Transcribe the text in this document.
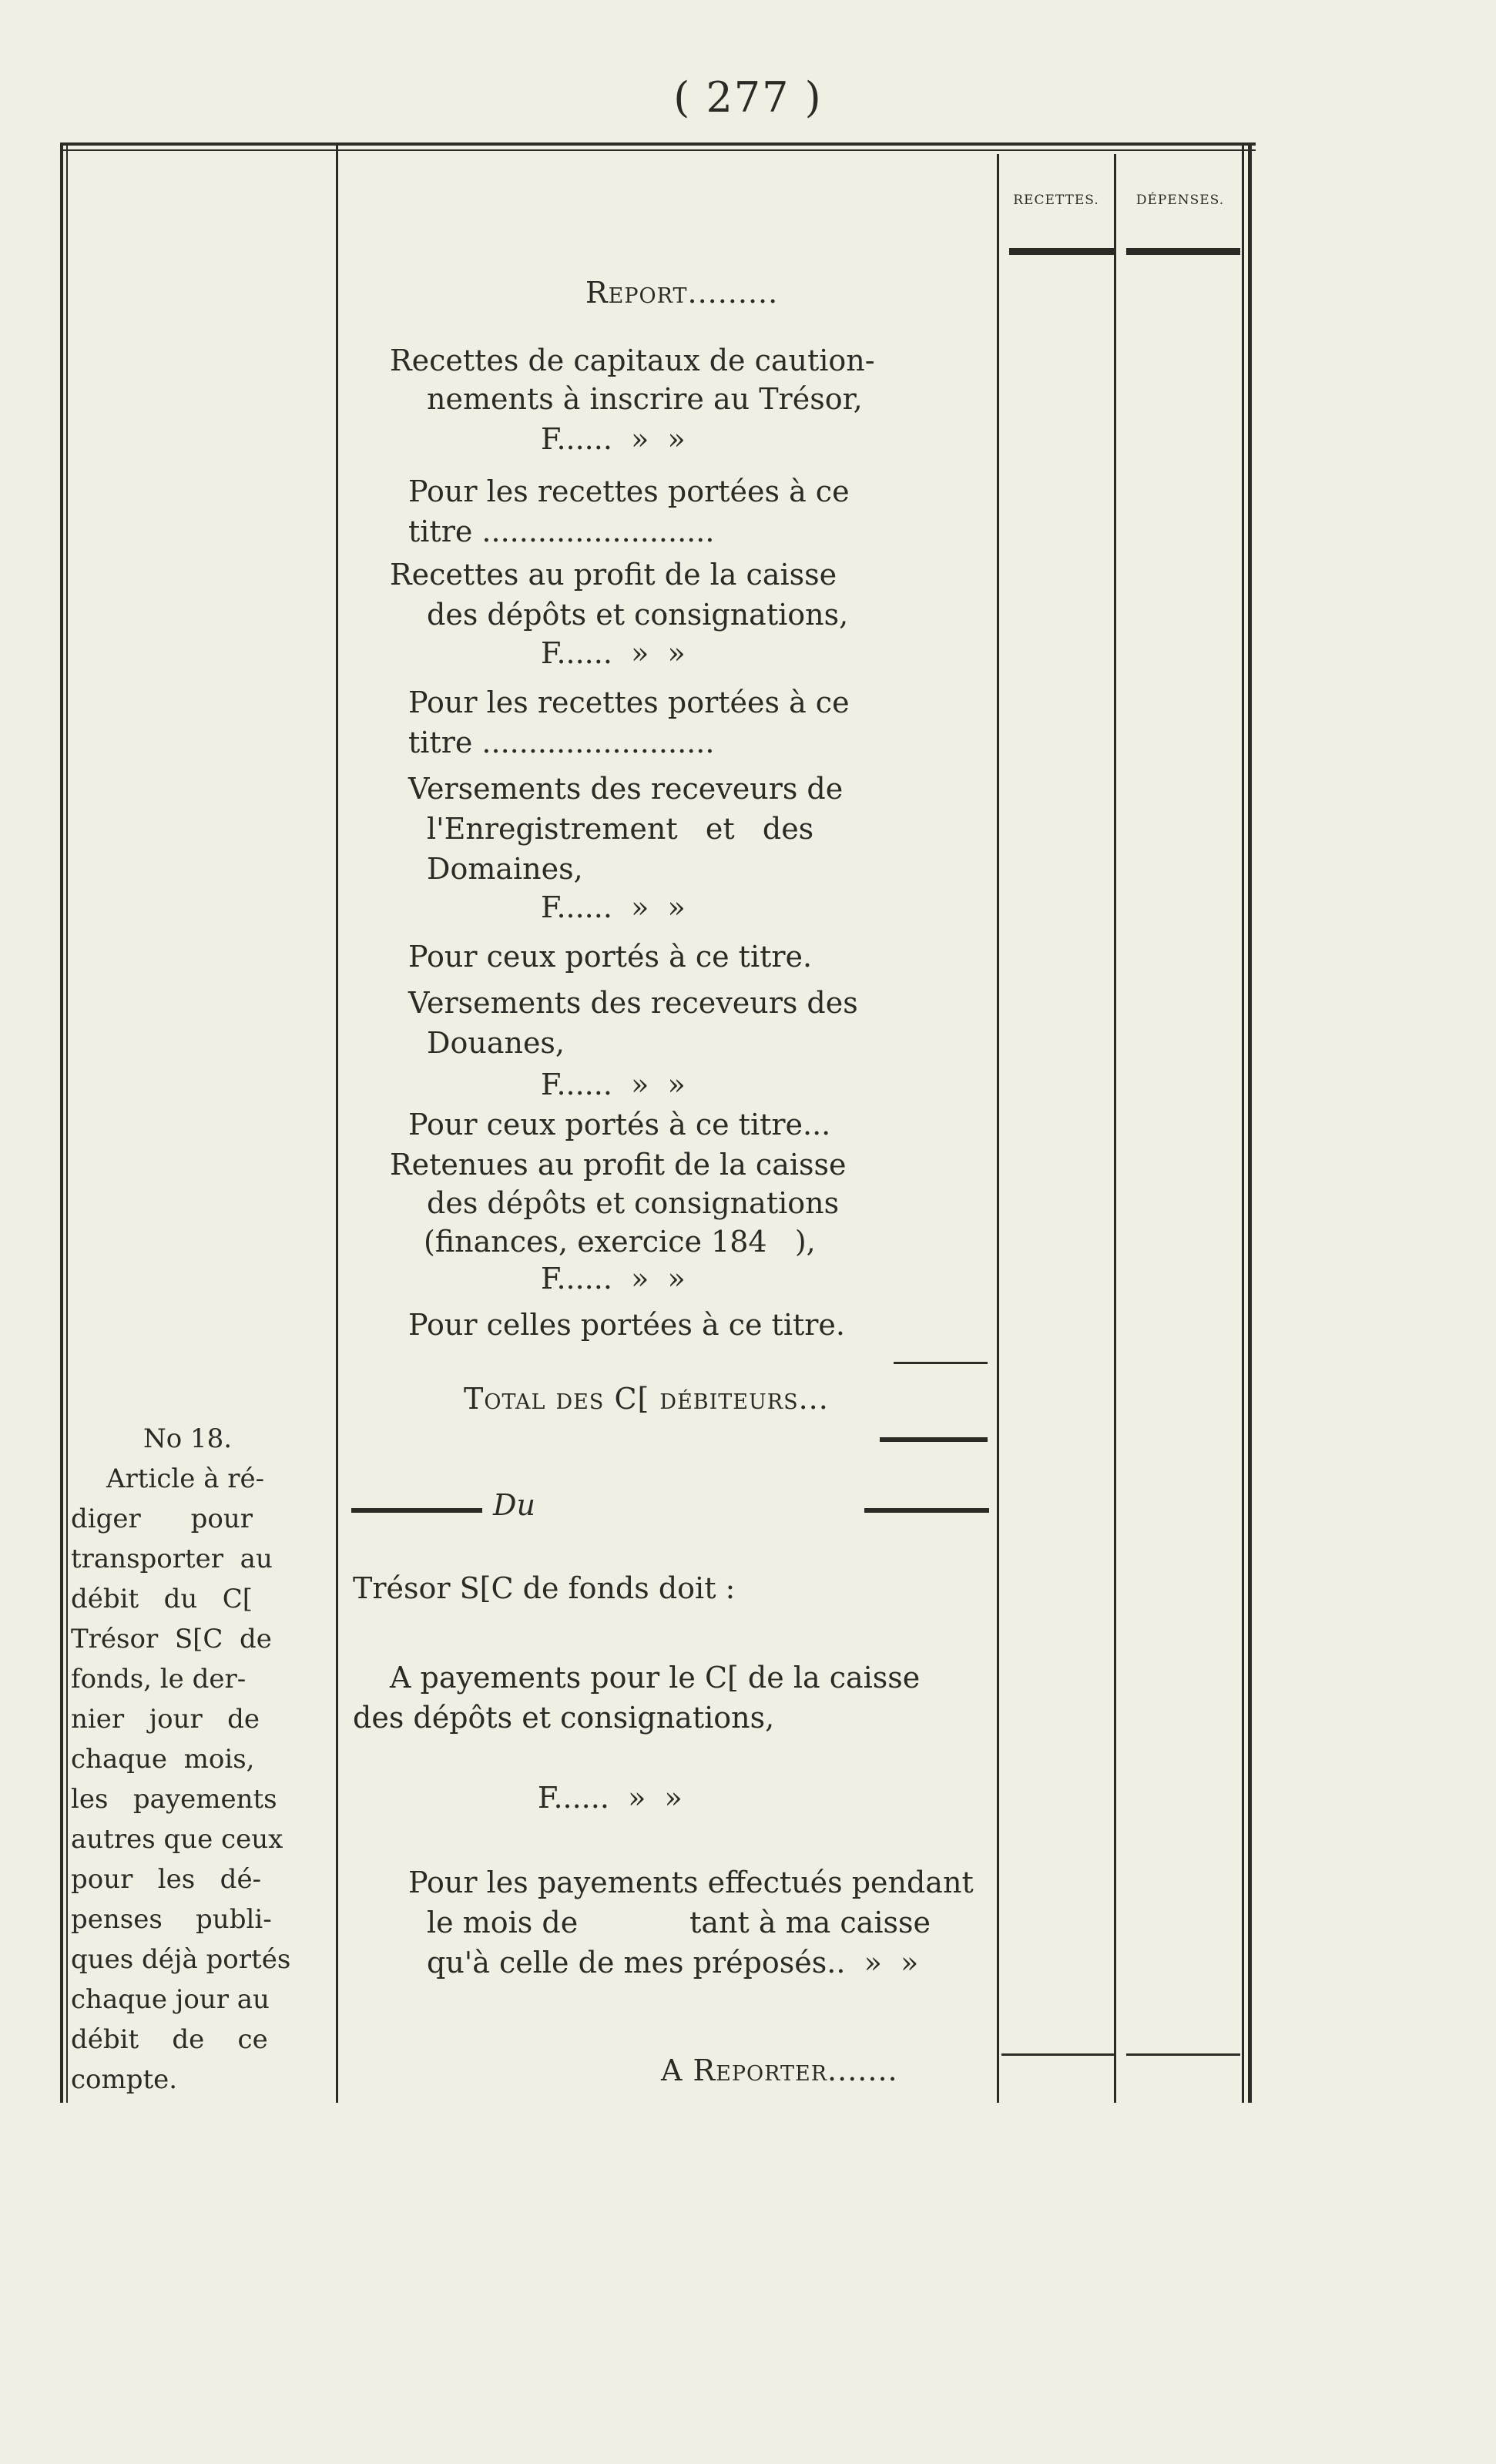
( 277 )
RECETTES.	DÉPENSES.
Report.........
Recettes de capitaux de caution-
nements à inscrire au Trésor,
F......  »  »
Pour les recettes portées à ce
titre .........................
Recettes au profit de la caisse
des dépôts et consignations,
F......  »  »
Pour les recettes portées à ce
titre .........................
Versements des receveurs de
l'Enregistrement   et   des
Domaines,
F......  »  »
Pour ceux portés à ce titre.
Versements des receveurs des
Douanes,
F......  »  »
Pour ceux portés à ce titre...
Retenues au profit de la caisse
des dépôts et consignations
(finances, exercice 184   ),
F......  »  »
Pour celles portées à ce titre.
Total des C[ débiteurs...
Du
Trésor S[C de fonds doit :
A payements pour le C[ de la caisse
des dépôts et consignations,
F......  »  »
Pour les payements effectués pendant
le mois de            tant à ma caisse
qu'à celle de mes préposés..  »  »
A Reporter.......
No 18.
Article à ré-
diger      pour
transporter  au
débit   du   C[
Trésor  S[C  de
fonds, le der-
nier   jour   de
chaque  mois,
les   payements
autres que ceux
pour   les   dé-
penses    publi-
ques déjà portés
chaque jour au
débit    de    ce
compte.
